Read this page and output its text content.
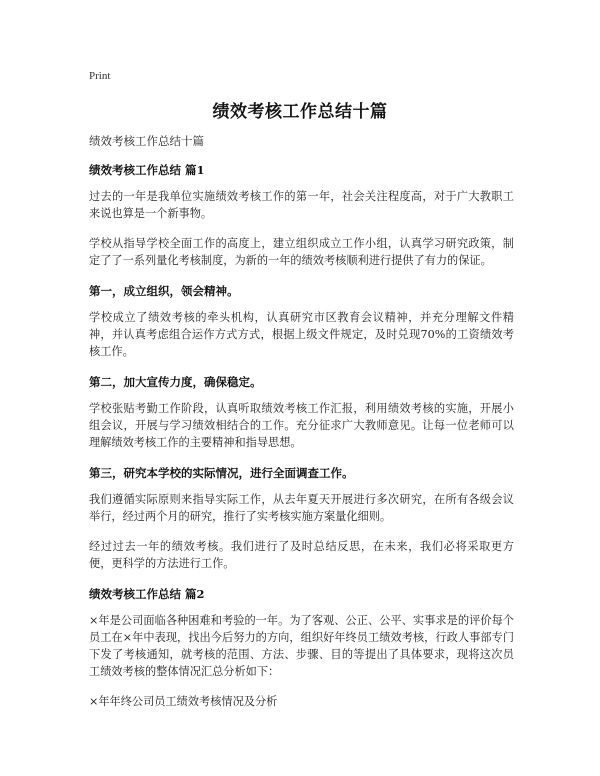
Print
绩效考核工作总结十篇
绩效考核工作总结十篇
绩效考核工作总结 篇1
过去的一年是我单位实施绩效考核工作的第一年，社会关注程度高，对于广大教职工来说也算是一个新事物。
学校从指导学校全面工作的高度上，建立组织成立工作小组，认真学习研究政策，制定了了一系列量化考核制度，为新的一年的绩效考核顺利进行提供了有力的保证。
第一，成立组织，领会精神。
学校成立了绩效考核的牵头机构，认真研究市区教育会议精神，并充分理解文件精神，并认真考虑组合运作方式方式，根据上级文件规定，及时兑现70%的工资绩效考核工作。
第二，加大宣传力度，确保稳定。
学校张贴考勤工作阶段，认真听取绩效考核工作汇报，利用绩效考核的实施，开展小组会议，开展与学习绩效相结合的工作。充分征求广大教师意见。让每一位老师可以理解绩效考核工作的主要精神和指导思想。
第三，研究本学校的实际情况，进行全面调查工作。
我们遵循实际原则来指导实际工作，从去年夏天开展进行多次研究，在所有各级会议举行，经过两个月的研究，推行了实考核实施方案量化细则。
经过过去一年的绩效考核。我们进行了及时总结反思，在未来，我们必将采取更方便，更科学的方法进行工作。
绩效考核工作总结 篇2
×年是公司面临各种困难和考验的一年。为了客观、公正、公平、实事求是的评价每个员工在×年中表现，找出今后努力的方向，组织好年终员工绩效考核，行政人事部专门下发了考核通知，就考核的范围、方法、步骤、目的等提出了具体要求，现将这次员工绩效考核的整体情况汇总分析如下：
×年年终公司员工绩效考核情况及分析
